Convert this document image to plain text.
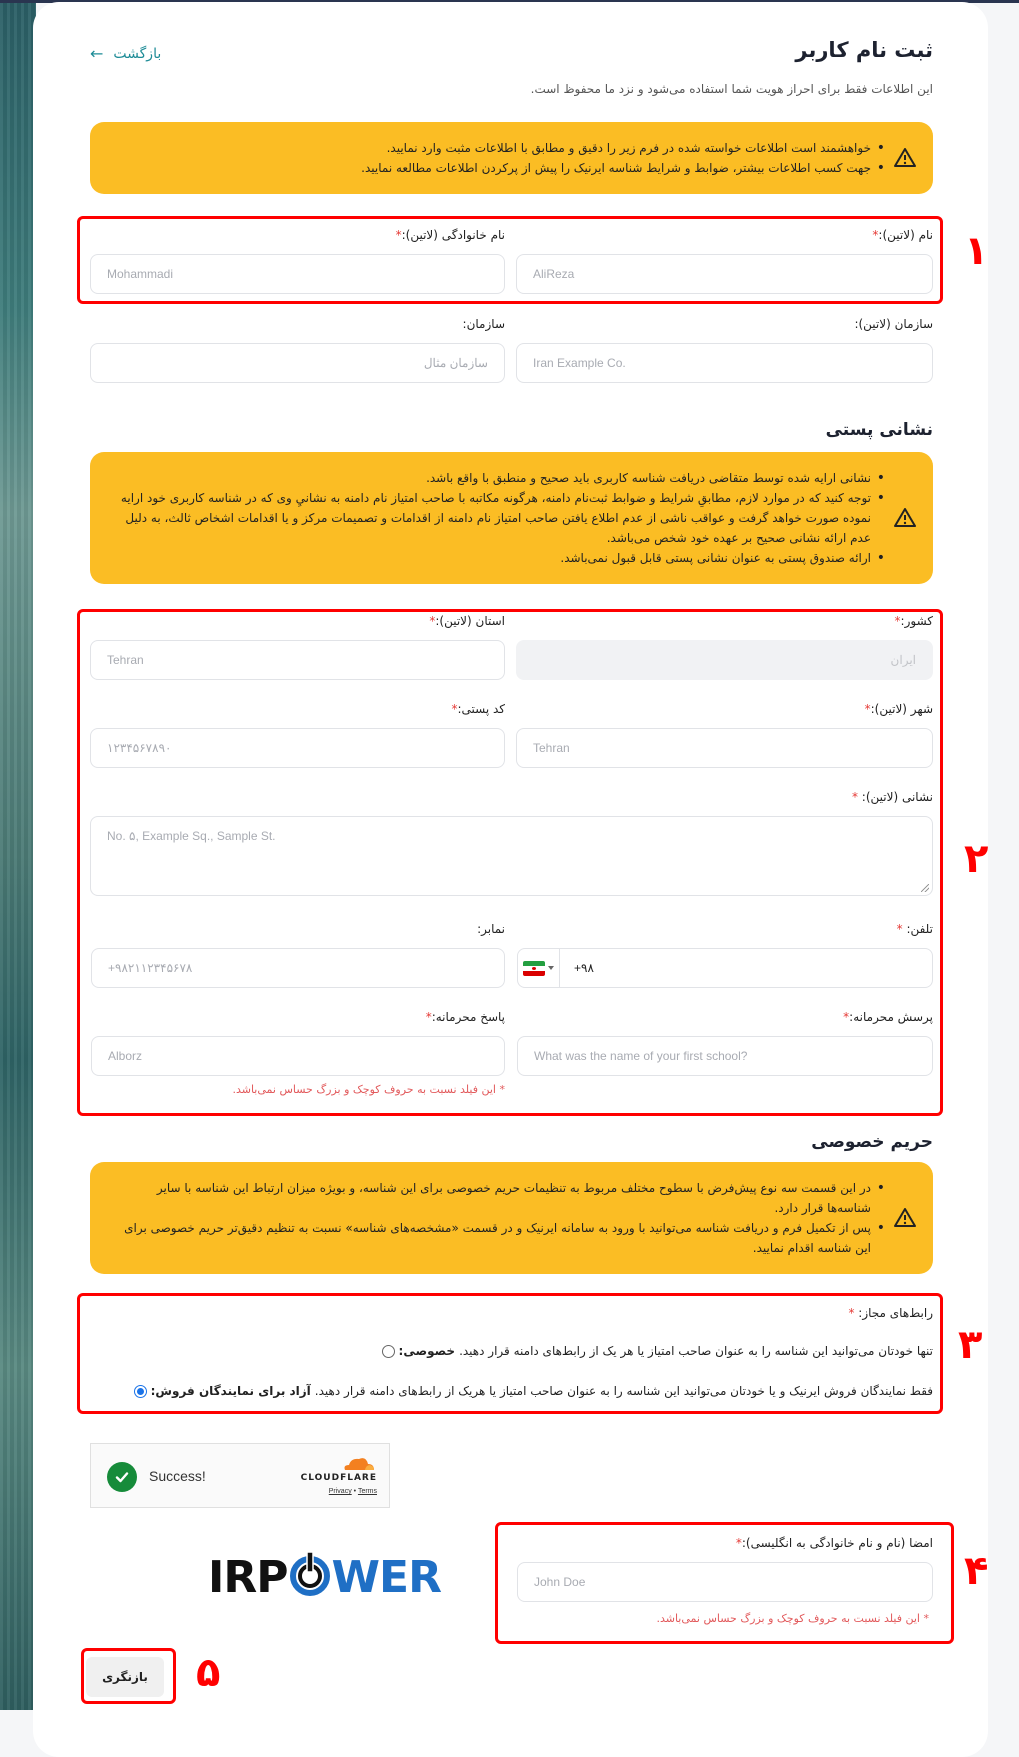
ثبت نام کاربر
این اطلاعات فقط برای احراز هویت شما استفاده می‌شود و نزد ما محفوظ است.
← بازگشت
• خواهشمند است اطلاعات خواسته شده در فرم زیر را دقیق و مطابق با اطلاعات مثبت وارد نمایید.
• جهت کسب اطلاعات بیشتر، ضوابط و شرایط شناسه ایرنیک را پیش از پرکردن اطلاعات مطالعه نمایید.
نام (لاتین):*
AliReza
نام خانوادگی (لاتین):*
Mohammadi
سازمان (لاتین):
Iran Example Co.
سازمان:
سازمان مثال
نشانی پستی
• نشانی ارایه شده توسط متقاضی دریافت شناسه کاربری باید صحیح و منطبق با واقع باشد.
• توجه کنید که در موارد لازم، مطابقِ شرایط و ضوابط ثبت‌نام دامنه، هرگونه مکاتبه با صاحب امتیاز نام دامنه به نشانيِ وی که در شناسه کاربری خود ارایه نموده صورت خواهد گرفت و عواقب ناشی از عدم اطلاع یافتن صاحب امتیاز نام دامنه از اقدامات و تصمیمات مرکز و یا اقدامات اشخاص ثالث، به دلیل عدم ارائه نشانی صحیح بر عهده خود شخص می‌باشد.
• ارائه صندوق پستی به عنوان نشانی پستی قابل قبول نمی‌باشد.
کشور:*
ایران
استان (لاتین):*
Tehran
شهر (لاتین):*
Tehran
کد پستی:*
۱۲۳۴۵۶۷۸۹۰
نشانی (لاتین): *
No. ۵, Example Sq., Sample St.
تلفن: *
+۹۸
نمابر:
+۹۸۲۱۱۲۳۴۵۶۷۸
پرسش محرمانه:*
What was the name of your first school?
پاسخ محرمانه:*
Alborz
* این فیلد نسبت به حروف کوچک و بزرگ حساس نمی‌باشد.
حریم خصوصی
• در این قسمت سه نوع پیش‌فرض با سطوح مختلف مربوط به تنظیمات حریم خصوصی برای این شناسه، و بویژه میزان ارتباط این شناسه با سایر شناسه‌ها قرار دارد.
• پس از تکمیل فرم و دریافت شناسه می‌توانید با ورود به سامانه ایرنیک و در قسمت «مشخصه‌های شناسه» نسبت به تنظیم دقیق‌تر حریم خصوصی برای این شناسه اقدام نمایید.
رابط‌های مجاز: *
خصوصی: تنها خودتان می‌توانید این شناسه را به عنوان صاحب امتیاز یا هر یک از رابط‌های دامنه قرار دهید.
آزاد برای نمایندگان فروش: فقط نمایندگان فروش ایرنیک و یا خودتان می‌توانید این شناسه را به عنوان صاحب امتیاز یا هریک از رابط‌های دامنه قرار دهید.
Success!	CLOUDFLARE
Privacy • Terms
IRP WER
امضا (نام و نام خانوادگی به انگلیسی):*
John Doe
* این فیلد نسبت به حروف کوچک و بزرگ حساس نمی‌باشد.
بازنگری
۱
۲
۳
۴
۵
